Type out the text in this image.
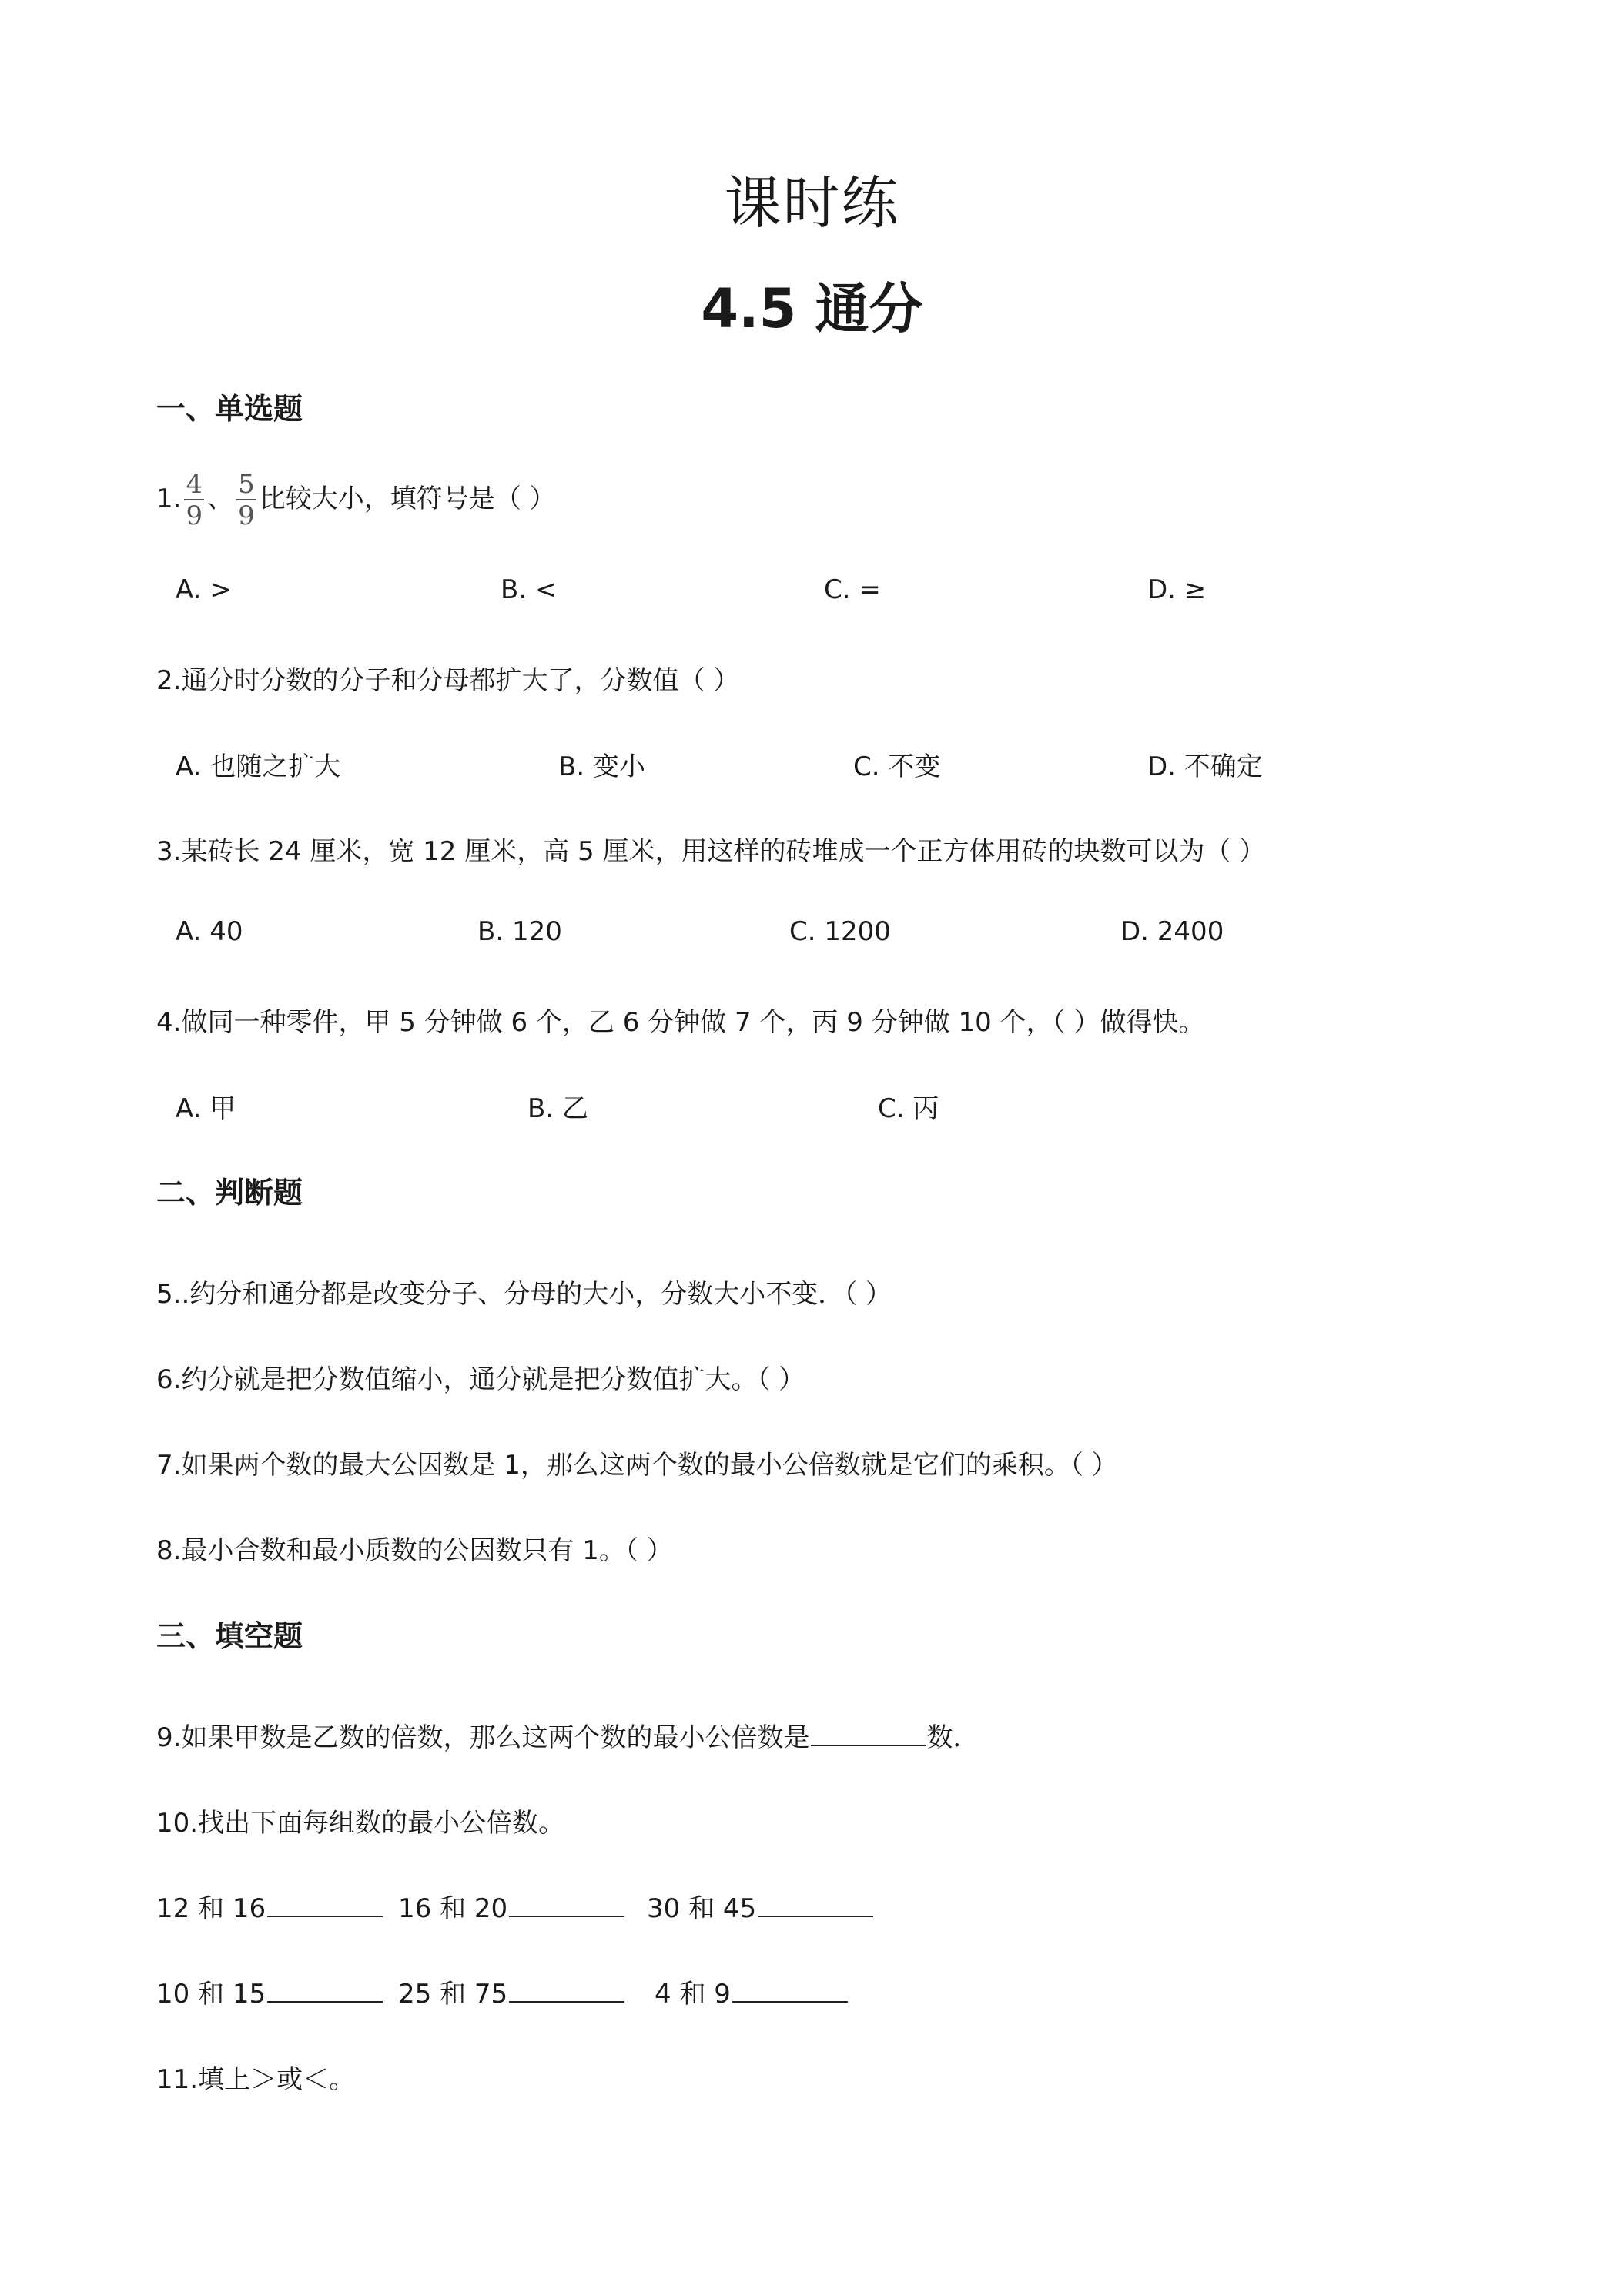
课时练
4.5 通分
一、单选题
1. $\frac{4}{9}$ 、 $\frac{5}{9}$ 比较大小，填符号是（ ）
A. >	B. <	C. =	D. ≥
2.通分时分数的分子和分母都扩大了，分数值（ ）
A. 也随之扩大	B. 变小	C. 不变	D. 不确定
3.某砖长 24 厘米，宽 12 厘米，高 5 厘米，用这样的砖堆成一个正方体用砖的块数可以为（ ）
A. 40	B. 120	C. 1200	D. 2400
4.做同一种零件，甲 5 分钟做 6 个，乙 6 分钟做 7 个，丙 9 分钟做 10 个，（ ）做得快。
A. 甲	B. 乙	C. 丙
二、判断题
5..约分和通分都是改变分子、分母的大小，分数大小不变．（ ）
6.约分就是把分数值缩小，通分就是把分数值扩大。（ ）
7.如果两个数的最大公因数是 1，那么这两个数的最小公倍数就是它们的乘积。（ ）
8.最小合数和最小质数的公因数只有 1。（ ）
三、填空题
9.如果甲数是乙数的倍数，那么这两个数的最小公倍数是	数．
10.找出下面每组数的最小公倍数。
12 和 16	16 和 20	30 和 45
10 和 15	25 和 75	4 和 9
11.填上＞或＜。
